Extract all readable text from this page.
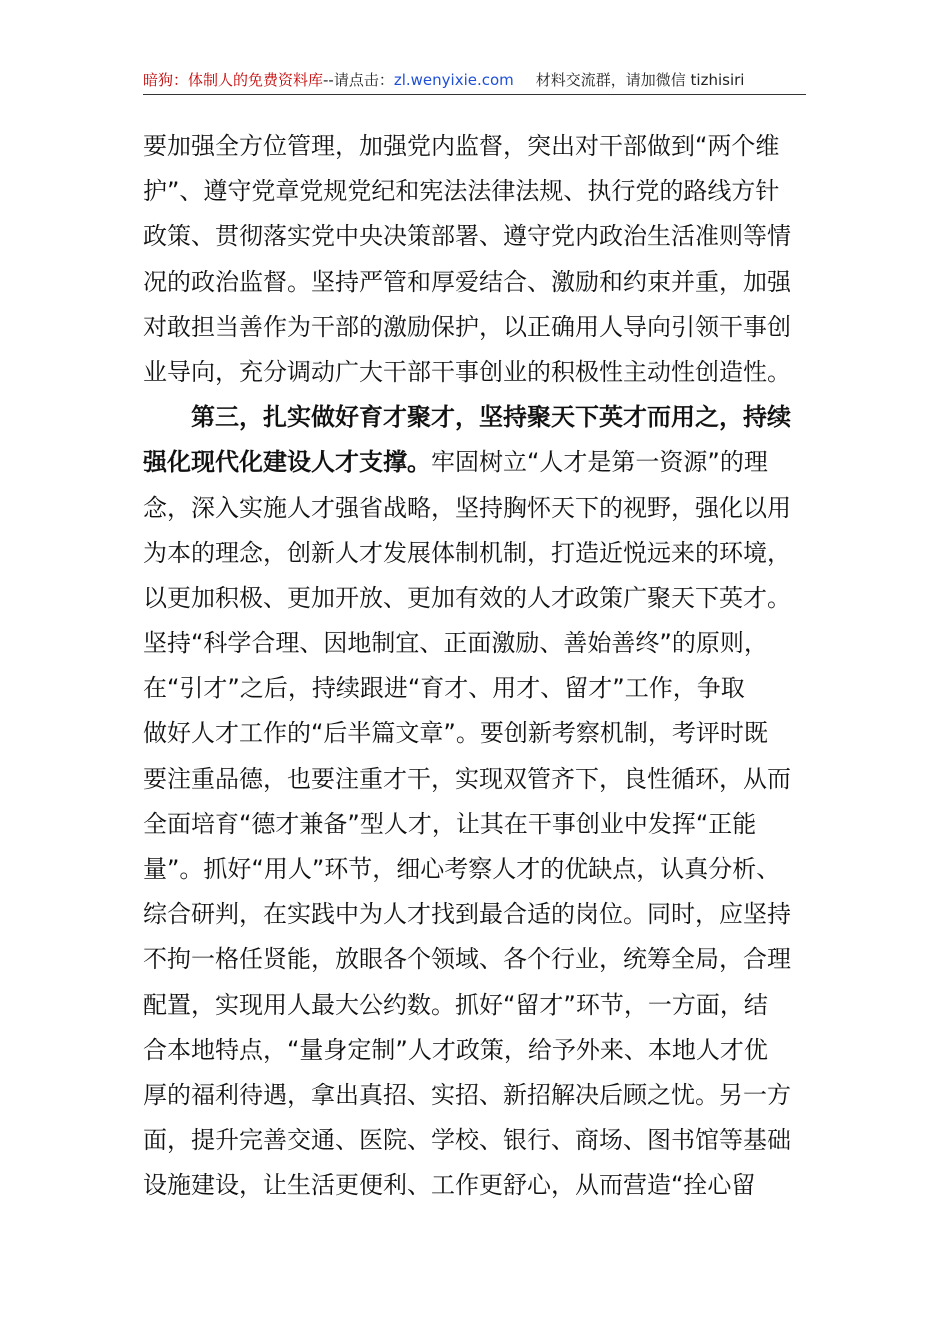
暗狗：体制人的免费资料库--请点击：zl.wenyixie.com 材料交流群，请加微信 tizhisiri
要加强全方位管理，加强党内监督，突出对干部做到“两个维
护”、遵守党章党规党纪和宪法法律法规、执行党的路线方针
政策、贯彻落实党中央决策部署、遵守党内政治生活准则等情
况的政治监督。坚持严管和厚爱结合、激励和约束并重，加强
对敢担当善作为干部的激励保护，以正确用人导向引领干事创
业导向，充分调动广大干部干事创业的积极性主动性创造性。
第三，扎实做好育才聚才，坚持聚天下英才而用之，持续
强化现代化建设人才支撑。牢固树立“人才是第一资源”的理
念，深入实施人才强省战略，坚持胸怀天下的视野，强化以用
为本的理念，创新人才发展体制机制，打造近悦远来的环境，
以更加积极、更加开放、更加有效的人才政策广聚天下英才。
坚持“科学合理、因地制宜、正面激励、善始善终”的原则，
在“引才”之后，持续跟进“育才、用才、留才”工作，争取
做好人才工作的“后半篇文章”。要创新考察机制，考评时既
要注重品德，也要注重才干，实现双管齐下，良性循环，从而
全面培育“德才兼备”型人才，让其在干事创业中发挥“正能
量”。抓好“用人”环节，细心考察人才的优缺点，认真分析、
综合研判，在实践中为人才找到最合适的岗位。同时，应坚持
不拘一格任贤能，放眼各个领域、各个行业，统筹全局，合理
配置，实现用人最大公约数。抓好“留才”环节，一方面，结
合本地特点，“量身定制”人才政策，给予外来、本地人才优
厚的福利待遇，拿出真招、实招、新招解决后顾之忧。另一方
面，提升完善交通、医院、学校、银行、商场、图书馆等基础
设施建设，让生活更便利、工作更舒心，从而营造“拴心留
